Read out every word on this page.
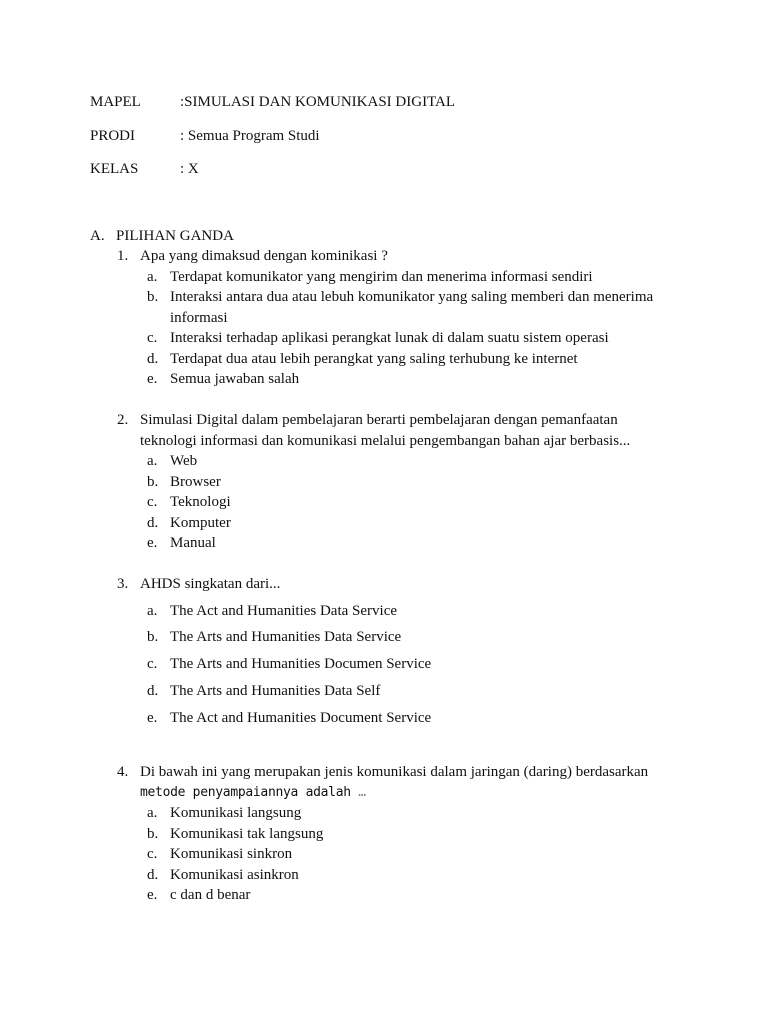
MAPEL	:SIMULASI DAN KOMUNIKASI DIGITAL
PRODI	: Semua Program Studi
KELAS	: X
A. PILIHAN GANDA
1. Apa yang dimaksud dengan kominikasi ?
a. Terdapat komunikator yang mengirim dan menerima informasi sendiri
b. Interaksi antara dua atau lebuh komunikator yang saling memberi dan menerima informasi
c. Interaksi terhadap aplikasi perangkat lunak di dalam suatu sistem operasi
d. Terdapat dua atau lebih perangkat yang saling terhubung ke internet
e. Semua jawaban salah
2. Simulasi Digital dalam pembelajaran berarti pembelajaran dengan pemanfaatan teknologi informasi dan komunikasi melalui pengembangan bahan ajar berbasis...
a. Web
b. Browser
c. Teknologi
d. Komputer
e. Manual
3. AHDS singkatan dari...
a. The Act and Humanities Data Service
b. The Arts and Humanities Data Service
c. The Arts and Humanities Documen Service
d. The Arts and Humanities Data Self
e. The Act and Humanities Document Service
4. Di bawah ini yang merupakan jenis komunikasi dalam jaringan (daring) berdasarkan
metode penyampaiannya adalah …
a. Komunikasi langsung
b. Komunikasi tak langsung
c. Komunikasi sinkron
d. Komunikasi asinkron
e. c dan d benar
